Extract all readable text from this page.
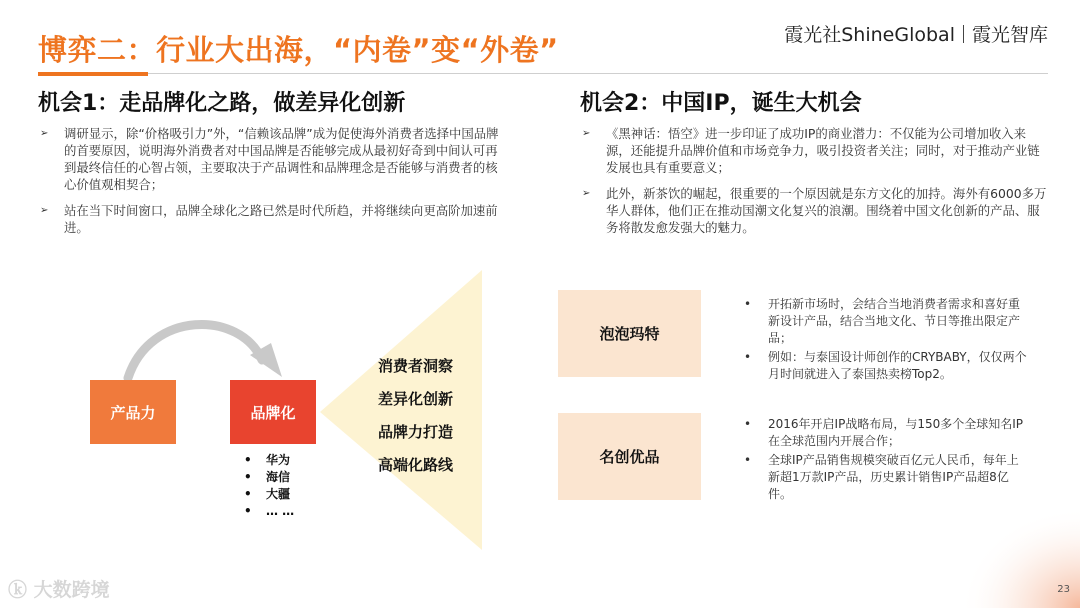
博弈二：行业大出海，“内卷”变“外卷”	霞光社ShineGlobal 霞光智库
机会1：走品牌化之路，做差异化创新
➢ 调研显示，除“价格吸引力”外，“信赖该品牌”成为促使海外消费者选择中国品牌的首要原因，说明海外消费者对中国品牌是否能够完成从最初好奇到中间认可再到最终信任的心智占领，主要取决于产品调性和品牌理念是否能够与消费者的核心价值观相契合；
➢ 站在当下时间窗口，品牌全球化之路已然是时代所趋，并将继续向更高阶加速前进。
机会2：中国IP，诞生大机会
➢ 《黑神话：悟空》进一步印证了成功IP的商业潜力：不仅能为公司增加收入来源，还能提升品牌价值和市场竞争力，吸引投资者关注；同时，对于推动产业链发展也具有重要意义；
➢ 此外，新茶饮的崛起，很重要的一个原因就是东方文化的加持。海外有6000多万华人群体，他们正在推动国潮文化复兴的浪潮。围绕着中国文化创新的产品、服务将散发愈发强大的魅力。
产品力	品牌化
• 华为
• 海信
• 大疆
• … …
消费者洞察
差异化创新
品牌力打造
高端化路线
泡泡玛特
• 开拓新市场时，会结合当地消费者需求和喜好重新设计产品，结合当地文化、节日等推出限定产品；
• 例如：与泰国设计师创作的CRYBABY，仅仅两个月时间就进入了泰国热卖榜Top2。
名创优品
• 2016年开启IP战略布局，与150多个全球知名IP在全球范围内开展合作；
• 全球IP产品销售规模突破百亿元人民币，每年上新超1万款IP产品，历史累计销售IP产品超8亿件。
ⓚ 大数跨境	23
